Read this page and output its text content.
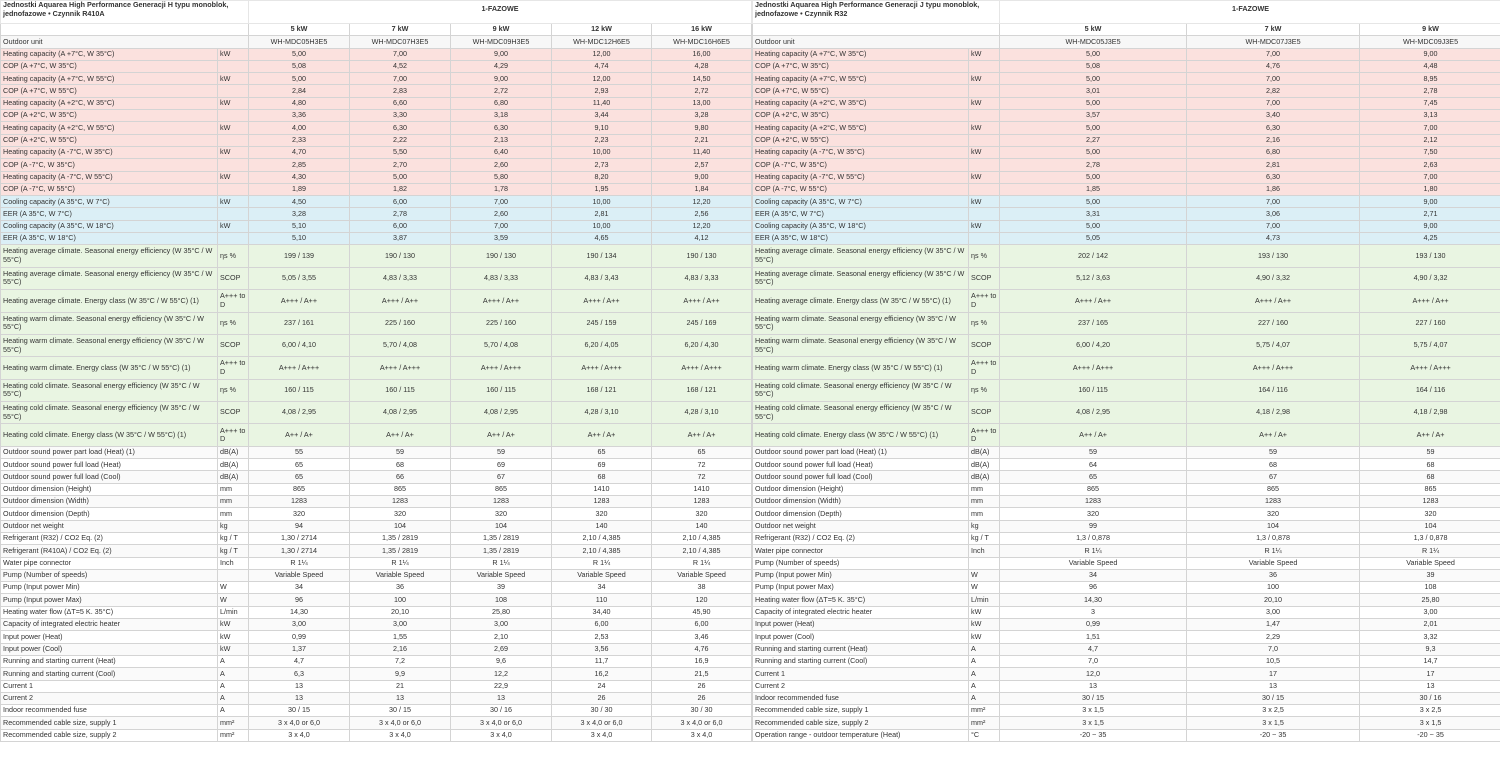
Jednostki Aquarea High Performance Generacji H typu monoblok, jednofazowe • Czynnik R410A		1-FAZOWE				
		5 kW	7 kW	9 kW	12 kW	16 kW
Outdoor unit		WH-MDC05H3E5	WH-MDC07H3E5	WH-MDC09H3E5	WH-MDC12H6E5	WH-MDC16H6E5
Heating capacity (A +7°C, W 35°C)	kW	5,00	7,00	9,00	12,00	16,00
COP (A +7°C, W 35°C)		5,08	4,52	4,29	4,74	4,28
Heating capacity (A +7°C, W 55°C)	kW	5,00	7,00	9,00	12,00	14,50
COP (A +7°C, W 55°C)		2,84	2,83	2,72	2,93	2,72
Heating capacity (A +2°C, W 35°C)	kW	4,80	6,60	6,80	11,40	13,00
COP (A +2°C, W 35°C)		3,36	3,30	3,18	3,44	3,28
Heating capacity (A +2°C, W 55°C)	kW	4,00	6,30	6,30	9,10	9,80
COP (A +2°C, W 55°C)		2,33	2,22	2,13	2,23	2,21
Heating capacity (A -7°C, W 35°C)	kW	4,70	5,50	6,40	10,00	11,40
COP (A -7°C, W 35°C)		2,85	2,70	2,60	2,73	2,57
Heating capacity (A -7°C, W 55°C)	kW	4,30	5,00	5,80	8,20	9,00
COP (A -7°C, W 55°C)		1,89	1,82	1,78	1,95	1,84
Cooling capacity (A 35°C, W 7°C)	kW	4,50	6,00	7,00	10,00	12,20
EER (A 35°C, W 7°C)		3,28	2,78	2,60	2,81	2,56
Cooling capacity (A 35°C, W 18°C)	kW	5,10	6,00	7,00	10,00	12,20
EER (A 35°C, W 18°C)		5,10	3,87	3,59	4,65	4,12
Heating average climate. Seasonal energy efficiency (W 35°C / W 55°C)	ηs %	199 / 139	190 / 130	190 / 130	190 / 134	190 / 130
Heating average climate. Seasonal energy efficiency (W 35°C / W 55°C)	SCOP	5,05 / 3,55	4,83 / 3,33	4,83 / 3,33	4,83 / 3,43	4,83 / 3,33
Heating average climate. Energy class (W 35°C / W 55°C) (1)	A+++ to D	A+++ / A++	A+++ / A++	A+++ / A++	A+++ / A++	A+++ / A++
Heating warm climate. Seasonal energy efficiency (W 35°C / W 55°C)	ηs %	237 / 161	225 / 160	225 / 160	245 / 159	245 / 169
Heating warm climate. Seasonal energy efficiency (W 35°C / W 55°C)	SCOP	6,00 / 4,10	5,70 / 4,08	5,70 / 4,08	6,20 / 4,05	6,20 / 4,30
Heating warm climate. Energy class (W 35°C / W 55°C) (1)	A+++ to D	A+++ / A+++	A+++ / A+++	A+++ / A+++	A+++ / A+++	A+++ / A+++
Heating cold climate. Seasonal energy efficiency (W 35°C / W 55°C)	ηs %	160 / 115	160 / 115	160 / 115	168 / 121	168 / 121
Heating cold climate. Seasonal energy efficiency (W 35°C / W 55°C)	SCOP	4,08 / 2,95	4,08 / 2,95	4,08 / 2,95	4,28 / 3,10	4,28 / 3,10
Heating cold climate. Energy class (W 35°C / W 55°C) (1)	A+++ to D	A++ / A+	A++ / A+	A++ / A+	A++ / A+	A++ / A+
Outdoor sound power part load (Heat) (1)	dB(A)	55	59	59	65	65
Outdoor sound power full load (Heat)	dB(A)	65	68	69	69	72
Outdoor sound power full load (Cool)	dB(A)	65	66	67	68	72
Outdoor dimension (Height)	mm	865	865	865	1410	1410
Outdoor dimension (Width)	mm	1283	1283	1283	1283	1283
Outdoor dimension (Depth)	mm	320	320	320	320	320
Outdoor net weight	kg	94	104	104	140	140
Refrigerant (R32) / CO2 Eq. (2)	kg / T	1,30 / 2714	1,35 / 2819	1,35 / 2819	2,10 / 4,385	2,10 / 4,385
Refrigerant (R410A) / CO2 Eq. (2)	kg / T	1,30 / 2714	1,35 / 2819	1,35 / 2819	2,10 / 4,385	2,10 / 4,385
Water pipe connector	Inch	R 1¼	R 1¼	R 1¼	R 1¼	R 1¼
Pump (Number of speeds)		Variable Speed	Variable Speed	Variable Speed	Variable Speed	Variable Speed
Pump (Input power Min)	W	34	36	39	34	38
Pump (Input power Max)	W	96	100	108	110	120
Heating water flow (ΔT=5 K. 35°C)	L/min	14,30	20,10	25,80	34,40	45,90
Capacity of integrated electric heater	kW	3,00	3,00	3,00	6,00	6,00
Input power (Heat)	kW	0,99	1,55	2,10	2,53	3,46
Input power (Cool)	kW	1,37	2,16	2,69	3,56	4,76
Running and starting current (Heat)	A	4,7	7,2	9,6	11,7	16,9
Running and starting current (Cool)	A	6,3	9,9	12,2	16,2	21,5
Current 1	A	13	21	22,9	24	26
Current 2	A	13	13	13	26	26
Indoor recommended fuse	A	30 / 15	30 / 15	30 / 16	30 / 30	30 / 30
Recommended cable size, supply 1	mm²	3 x 4,0 or 6,0	3 x 4,0 or 6,0	3 x 4,0 or 6,0	3 x 4,0 or 6,0	3 x 4,0 or 6,0
Recommended cable size, supply 2	mm²	3 x 4,0	3 x 4,0	3 x 4,0	3 x 4,0	3 x 4,0
Jednostki Aquarea High Performance Generacji J typu monoblok, jednofazowe • Czynnik R32		1-FAZOWE		
		5 kW	7 kW	9 kW
Outdoor unit		WH-MDC05J3E5	WH-MDC07J3E5	WH-MDC09J3E5
Heating capacity (A +7°C, W 35°C)	kW	5,00	7,00	9,00
COP (A +7°C, W 35°C)		5,08	4,76	4,48
Heating capacity (A +7°C, W 55°C)	kW	5,00	7,00	8,95
COP (A +7°C, W 55°C)		3,01	2,82	2,78
Heating capacity (A +2°C, W 35°C)	kW	5,00	7,00	7,45
COP (A +2°C, W 35°C)		3,57	3,40	3,13
Heating capacity (A +2°C, W 55°C)	kW	5,00	6,30	7,00
COP (A +2°C, W 55°C)		2,27	2,16	2,12
Heating capacity (A -7°C, W 35°C)	kW	5,00	6,80	7,50
COP (A -7°C, W 35°C)		2,78	2,81	2,63
Heating capacity (A -7°C, W 55°C)	kW	5,00	6,30	7,00
COP (A -7°C, W 55°C)		1,85	1,86	1,80
Cooling capacity (A 35°C, W 7°C)	kW	5,00	7,00	9,00
EER (A 35°C, W 7°C)		3,31	3,06	2,71
Cooling capacity (A 35°C, W 18°C)	kW	5,00	7,00	9,00
EER (A 35°C, W 18°C)		5,05	4,73	4,25
Heating average climate. Seasonal energy efficiency (W 35°C / W 55°C)	ηs %	202 / 142	193 / 130	193 / 130
Heating average climate. Seasonal energy efficiency (W 35°C / W 55°C)	SCOP	5,12 / 3,63	4,90 / 3,32	4,90 / 3,32
Heating average climate. Energy class (W 35°C / W 55°C) (1)	A+++ to D	A+++ / A++	A+++ / A++	A+++ / A++
Heating warm climate. Seasonal energy efficiency (W 35°C / W 55°C)	ηs %	237 / 165	227 / 160	227 / 160
Heating warm climate. Seasonal energy efficiency (W 35°C / W 55°C)	SCOP	6,00 / 4,20	5,75 / 4,07	5,75 / 4,07
Heating warm climate. Energy class (W 35°C / W 55°C) (1)	A+++ to D	A+++ / A+++	A+++ / A+++	A+++ / A+++
Heating cold climate. Seasonal energy efficiency (W 35°C / W 55°C)	ηs %	160 / 115	164 / 116	164 / 116
Heating cold climate. Seasonal energy efficiency (W 35°C / W 55°C)	SCOP	4,08 / 2,95	4,18 / 2,98	4,18 / 2,98
Heating cold climate. Energy class (W 35°C / W 55°C) (1)	A+++ to D	A++ / A+	A++ / A+	A++ / A+
Outdoor sound power part load (Heat) (1)	dB(A)	59	59	59
Outdoor sound power full load (Heat)	dB(A)	64	68	68
Outdoor sound power full load (Cool)	dB(A)	65	67	68
Outdoor dimension (Height)	mm	865	865	865
Outdoor dimension (Width)	mm	1283	1283	1283
Outdoor dimension (Depth)	mm	320	320	320
Outdoor net weight	kg	99	104	104
Refrigerant (R32) / CO2 Eq. (2)	kg / T	1,3 / 0,878	1,3 / 0,878	1,3 / 0,878
Water pipe connector	Inch	R 1¼	R 1¼	R 1¼
Pump (Number of speeds)		Variable Speed	Variable Speed	Variable Speed
Pump (Input power Min)	W	34	36	39
Pump (Input power Max)	W	96	100	108
Heating water flow (ΔT=5 K. 35°C)	L/min	14,30	20,10	25,80
Capacity of integrated electric heater	kW	3	3,00	3,00
Input power (Heat)	kW	0,99	1,47	2,01
Input power (Cool)	kW	1,51	2,29	3,32
Running and starting current (Heat)	A	4,7	7,0	9,3
Running and starting current (Cool)	A	7,0	10,5	14,7
Current 1	A	12,0	17	17
Current 2	A	13	13	13
Indoor recommended fuse	A	30 / 15	30 / 15	30 / 16
Recommended cable size, supply 1	mm²	3 x 1,5	3 x 2,5	3 x 2,5
Recommended cable size, supply 2	mm²	3 x 1,5	3 x 1,5	3 x 1,5
Operation range - outdoor temperature (Heat)	°C	-20 ~ 35	-20 ~ 35	-20 ~ 35
